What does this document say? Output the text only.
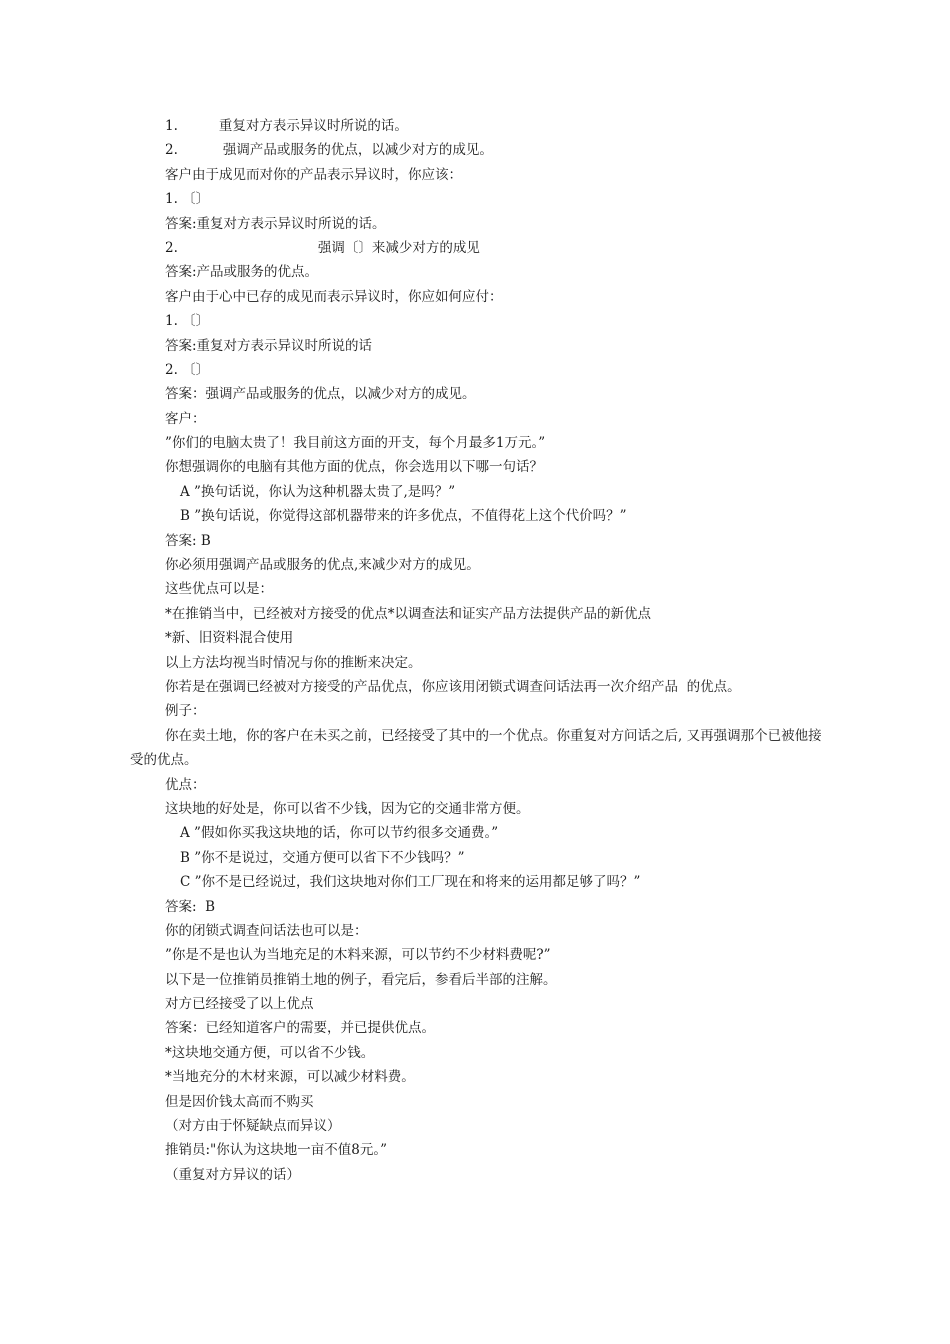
1.	重复对方表示异议时所说的话。
2.	强调产品或服务的优点，以减少对方的成见。
客户由于成见而对你的产品表示异议时，你应该：
1. 〔〕
答案:重复对方表示异议时所说的话。
2.	强调〔〕来减少对方的成见
答案:产品或服务的优点。
客户由于心中已存的成见而表示异议时，你应如何应付：
1. 〔〕
答案:重复对方表示异议时所说的话
2. 〔〕
答案：强调产品或服务的优点，以减少对方的成见。
客户：
”你们的电脑太贵了！我目前这方面的开支，每个月最多1万元。”
你想强调你的电脑有其他方面的优点，你会选用以下哪一句话？
A ”换句话说，你认为这种机器太贵了,是吗？”
B ”换句话说，你觉得这部机器带来的许多优点，不值得花上这个代价吗？”
答案: B
你必须用强调产品或服务的优点,来减少对方的成见。
这些优点可以是：
*在推销当中，已经被对方接受的优点*以调查法和证实产品方法提供产品的新优点
*新、旧资料混合使用
以上方法均视当时情况与你的推断来决定。
你若是在强调已经被对方接受的产品优点，你应该用闭锁式调查问话法再一次介绍产品  的优点。
例子：
你在卖土地，你的客户在未买之前，已经接受了其中的一个优点。你重复对方问话之后, 又再强调那个已被他接受的优点。
优点：
这块地的好处是，你可以省不少钱，因为它的交通非常方便。
A ”假如你买我这块地的话，你可以节约很多交通费。”
B ”你不是说过，交通方便可以省下不少钱吗？”
C ”你不是已经说过，我们这块地对你们工厂现在和将来的运用都足够了吗？”
答案:  B
你的闭锁式调查问话法也可以是：
”你是不是也认为当地充足的木料来源，可以节约不少材料费呢?”
以下是一位推销员推销土地的例子，看完后，参看后半部的注解。
对方已经接受了以上优点
答案：已经知道客户的需要，并已提供优点。
*这块地交通方便，可以省不少钱。
*当地充分的木材来源，可以减少材料费。
但是因价钱太高而不购买
（对方由于怀疑缺点而异议）
推销员:"你认为这块地一亩不值8元。”
（重复对方异议的话）
